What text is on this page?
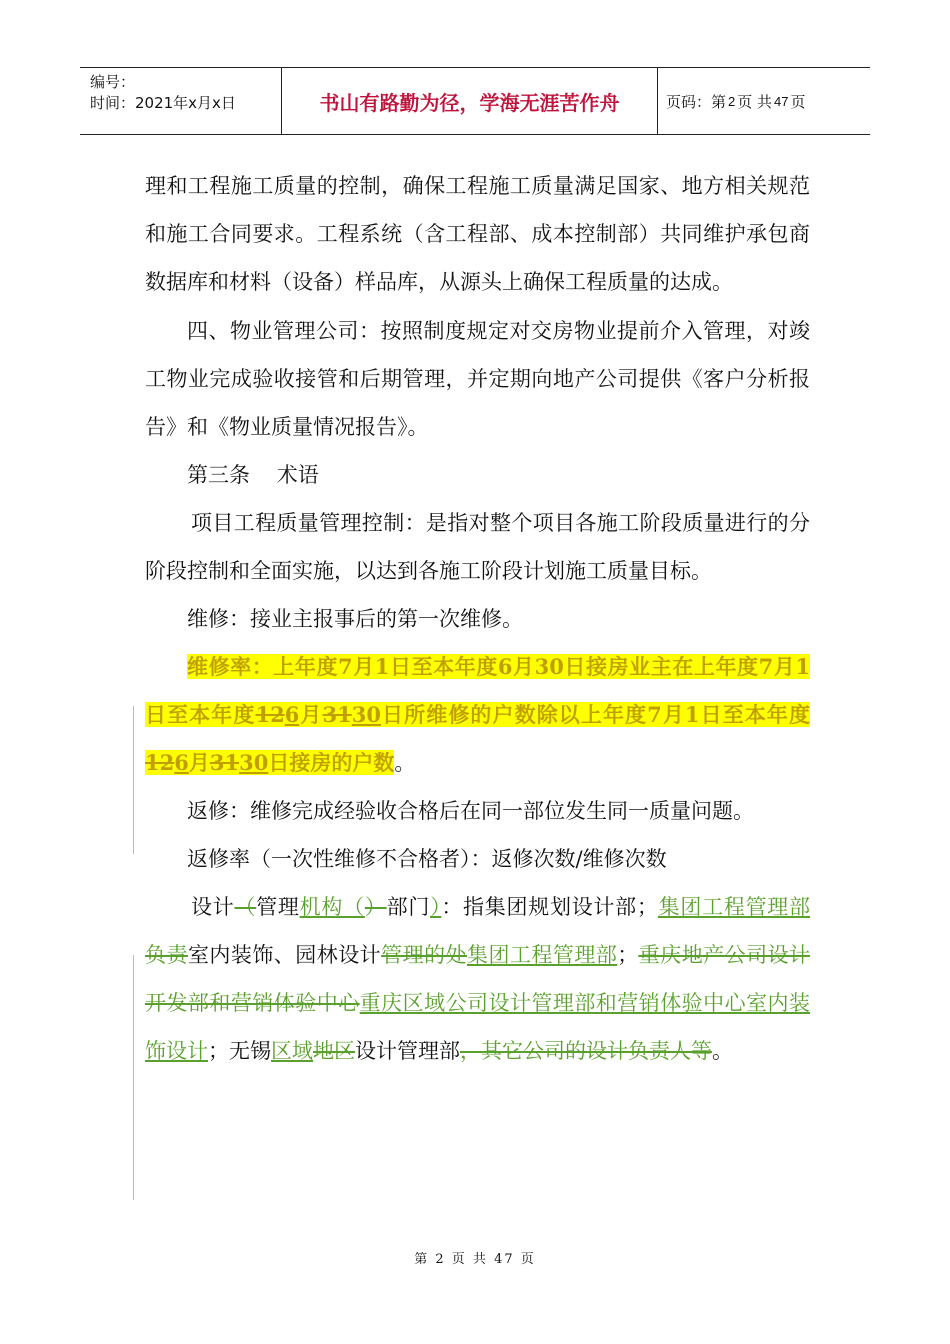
编号：
时间：2021年x月x日	书山有路勤为径，学海无涯苦作舟	页码：第 2 页 共 47 页

理和工程施工质量的控制，确保工程施工质量满足国家、地方相关规范和施工合同要求。工程系统（含工程部、成本控制部）共同维护承包商数据库和材料（设备）样品库，从源头上确保工程质量的达成。

四、物业管理公司：按照制度规定对交房物业提前介入管理，对竣工物业完成验收接管和后期管理，并定期向地产公司提供《客户分析报告》和《物业质量情况报告》。

第三条    术语

项目工程质量管理控制：是指对整个项目各施工阶段质量进行的分阶段控制和全面实施，以达到各施工阶段计划施工质量目标。

维修：接业主报事后的第一次维修。

维修率：上年度7月1日至本年度6月30日接房业主在上年度7月1日至本年度126月3130日所维修的户数除以上年度7月1日至本年度126月3130日接房的户数。

返修：维修完成经验收合格后在同一部位发生同一质量问题。

返修率（一次性维修不合格者）：返修次数/维修次数

设计（管理机构（）部门）：指集团规划设计部；集团工程管理部负责室内装饰、园林设计管理的处集团工程管理部；重庆地产公司设计开发部和营销体验中心重庆区域公司设计管理部和营销体验中心室内装饰设计；无锡区域地区设计管理部，其它公司的设计负责人等。

第 2 页 共 47 页
